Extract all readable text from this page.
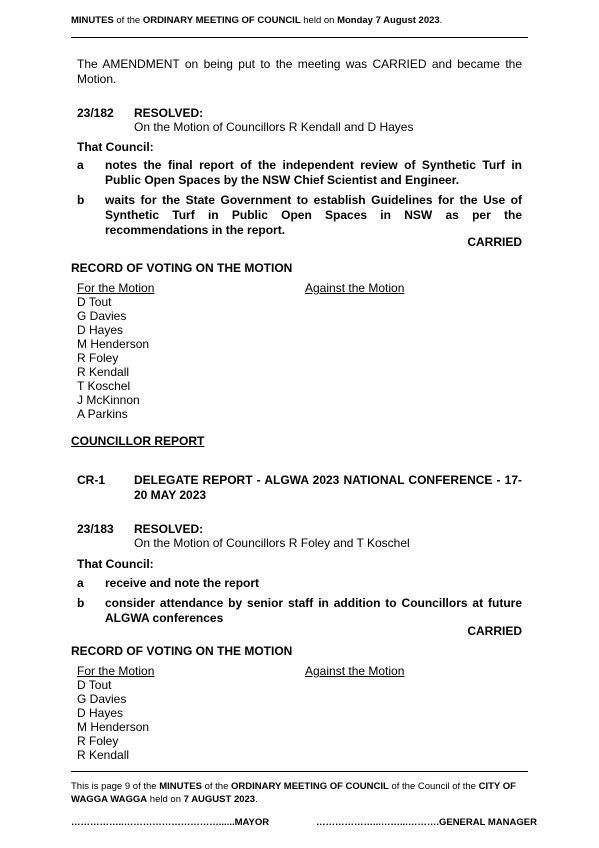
MINUTES of the ORDINARY MEETING OF COUNCIL held on Monday 7 August 2023.
The AMENDMENT on being put to the meeting was CARRIED and became the Motion.
23/182 RESOLVED:
On the Motion of Councillors R Kendall and D Hayes
That Council:
a notes the final report of the independent review of Synthetic Turf in Public Open Spaces by the NSW Chief Scientist and Engineer.
b waits for the State Government to establish Guidelines for the Use of Synthetic Turf in Public Open Spaces in NSW as per the recommendations in the report.
CARRIED
RECORD OF VOTING ON THE MOTION
For the Motion	Against the Motion
D Tout
G Davies
D Hayes
M Henderson
R Foley
R Kendall
T Koschel
J McKinnon
A Parkins
COUNCILLOR REPORT
CR-1 DELEGATE REPORT - ALGWA 2023 NATIONAL CONFERENCE - 17-20 MAY 2023
23/183 RESOLVED:
On the Motion of Councillors R Foley and T Koschel
That Council:
a receive and note the report
b consider attendance by senior staff in addition to Councillors at future ALGWA conferences
CARRIED
RECORD OF VOTING ON THE MOTION
For the Motion	Against the Motion
D Tout
G Davies
D Hayes
M Henderson
R Foley
R Kendall
This is page 9 of the MINUTES of the ORDINARY MEETING OF COUNCIL of the Council of the CITY OF WAGGA WAGGA held on 7 AUGUST 2023.
……………..…………………………......MAYOR	………………...……...……….GENERAL MANAGER
